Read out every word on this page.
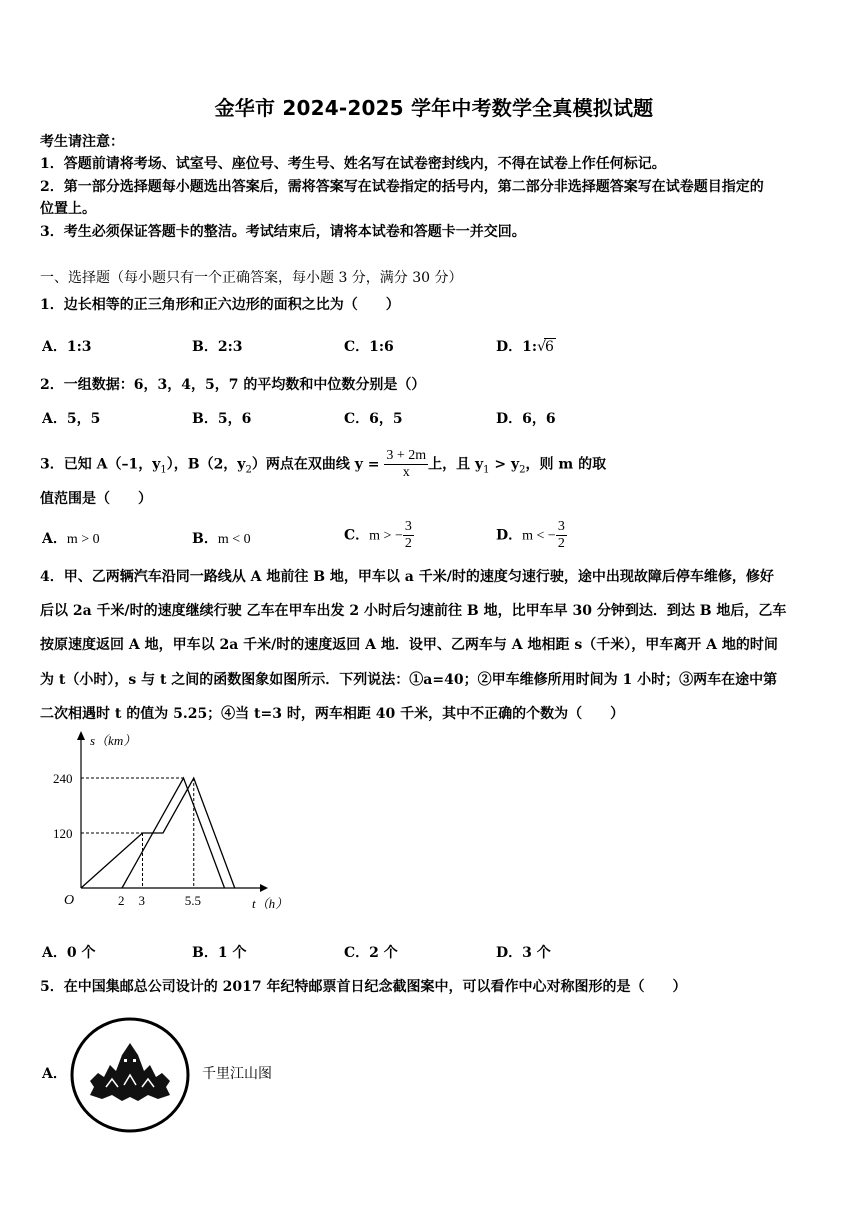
金华市 2024-2025 学年中考数学全真模拟试题
考生请注意：
1．答题前请将考场、试室号、座位号、考生号、姓名写在试卷密封线内，不得在试卷上作任何标记。
2．第一部分选择题每小题选出答案后，需将答案写在试卷指定的括号内，第二部分非选择题答案写在试卷题目指定的
位置上。
3．考生必须保证答题卡的整洁。考试结束后，请将本试卷和答题卡一并交回。
一、选择题（每小题只有一个正确答案，每小题 3 分，满分 30 分）
1．边长相等的正三角形和正六边形的面积之比为（　　）
A．1:3	B．2:3	C．1:6	D．1:√6
2．一组数据：6，3，4，5，7 的平均数和中位数分别是（）
A．5，5	B．5，6	C．6，5	D．6，6
3．已知 A（–1，$y_1$），B（2，$y_2$）两点在双曲线 $y = \frac{3 + 2m}{x}$ 上，且 $y_1 > y_2$，则 m 的取
值范围是（　　）
A．m > 0	B．m < 0	C．m > − $\frac{3}{2}$	D．m < − $\frac{3}{2}$
4．甲、乙两辆汽车沿同一路线从 A 地前往 B 地，甲车以 a 千米/时的速度匀速行驶，途中出现故障后停车维修，修好
后以 2a 千米/时的速度继续行驶 乙车在甲车出发 2 小时后匀速前往 B 地，比甲车早 30 分钟到达．到达 B 地后，乙车
按原速度返回 A 地，甲车以 2a 千米/时的速度返回 A 地．设甲、乙两车与 A 地相距 s（千米），甲车离开 A 地的时间
为 t（小时），s 与 t 之间的函数图象如图所示．下列说法：①a=40；②甲车维修所用时间为 1 小时；③两车在途中第
二次相遇时 t 的值为 5.25；④当 t=3 时，两车相距 40 千米，其中不正确的个数为（　　）
s（km）
t（h）
O
120
240
2 3	5.5
A．0 个	B．1 个	C．2 个	D．3 个
5．在中国集邮总公司设计的 2017 年纪特邮票首日纪念截图案中，可以看作中心对称图形的是（　　）
A．	千里江山图
